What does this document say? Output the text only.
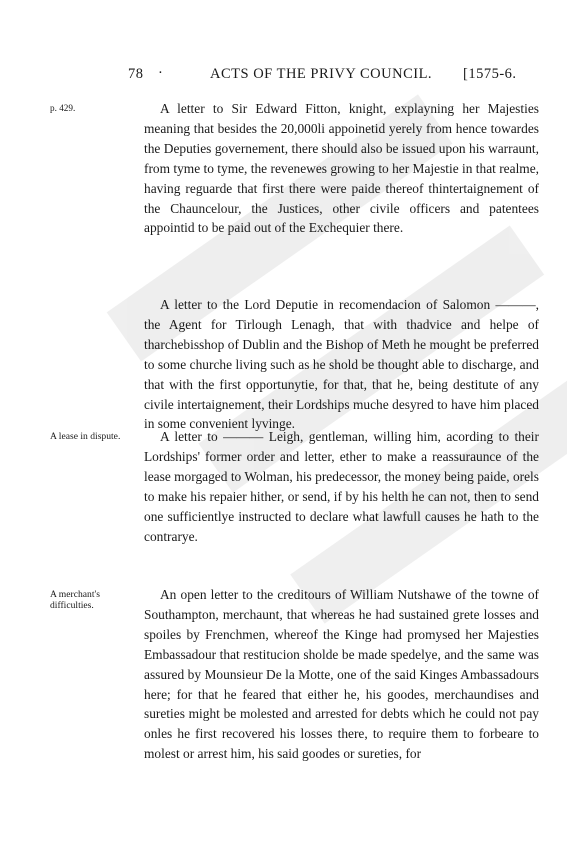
78 ·	ACTS OF THE PRIVY COUNCIL. [1575-6.
p. 429.	A letter to Sir Edward Fitton, knight, explayning her Majesties meaning that besides the 20,000li appoinetid yerely from hence towardes the Deputies governement, there should also be issued upon his warraunt, from tyme to tyme, the revenewes growing to her Majestie in that realme, having reguarde that first there were paide thereof thintertaignement of the Chauncelour, the Justices, other civile officers and patentees appointid to be paid out of the Exchequier there.
A letter to the Lord Deputie in recomendacion of Salomon ———, the Agent for Tirlough Lenagh, that with thadvice and helpe of tharchebisshop of Dublin and the Bishop of Meth he mought be preferred to some churche living such as he shold be thought able to discharge, and that with the first opportunytie, for that, that he, being destitute of any civile intertaignement, their Lordships muche desyred to have him placed in some convenient lyvinge.
A lease in dispute.	A letter to ——— Leigh, gentleman, willing him, acording to their Lordships' former order and letter, ether to make a reassuraunce of the lease morgaged to Wolman, his predecessor, the money being paide, orels to make his repaier hither, or send, if by his helth he can not, then to send one sufficientlye instructed to declare what lawfull causes he hath to the contrarye.
A merchant's difficulties.
An open letter to the creditours of William Nutshawe of the towne of Southampton, merchaunt, that whereas he had sustained grete losses and spoiles by Frenchmen, whereof the Kinge had promysed her Majesties Embassadour that restitucion sholde be made spedelye, and the same was assured by Mounsieur De la Motte, one of the said Kinges Ambassadours here; for that he feared that either he, his goodes, merchaundises and sureties might be molested and arrested for debts which he could not pay onles he first recovered his losses there, to require them to forbeare to molest or arrest him, his said goodes or sureties, for
